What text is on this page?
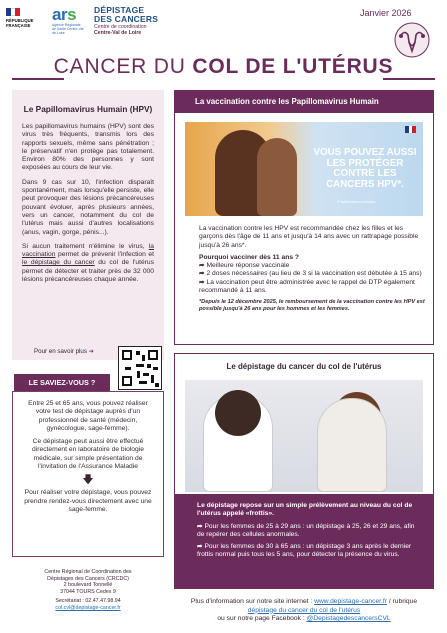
RÉPUBLIQUE
FRANÇAISE
ars
Agence Régionale de Santé Centre-Val de Loire
DÉPISTAGE
DES CANCERS
Centre de coordination
Centre-Val de Loire
Janvier 2026
CANCER DU COL DE L'UTÉRUS
Le Papillomavirus Humain (HPV)

Les papillomavirus humains (HPV) sont des virus très fréquents, transmis lors des rapports sexuels, même sans pénétration ; le préservatif n'en protège pas totalement. Environ 80% des personnes y sont exposées au cours de leur vie.

Dans 9 cas sur 10, l'infection disparaît spontanément, mais lorsqu'elle persiste, elle peut provoquer des lésions précancéreuses pouvant évoluer, après plusieurs années, vers un cancer, notamment du col de l'utérus mais aussi d'autres localisations (anus, vagin, gorge, pénis...).

Si aucun traitement n'élimine le virus, la vaccination permet de prévenir l'infection et le dépistage du cancer du col de l'utérus permet de détecter et traiter près de 32 000 lésions précancéreuses chaque année.

Pour en savoir plus ➔
LE SAVIEZ-VOUS ?

Entre 25 et 65 ans, vous pouvez réaliser votre test de dépistage auprès d'un professionnel de santé (médecin, gynécologue, sage-femme).

Ce dépistage peut aussi être effectué directement en laboratoire de biologie médicale, sur simple présentation de l'invitation de l'Assurance Maladie

🡇

Pour réaliser votre dépistage, vous pouvez prendre rendez-vous directement avec une sage-femme.

Centre Régional de Coordination des
Dépistages des Cancers (CRCDC)
2 boulevard Tonnellé
37044 TOURS Cedex 9
Secrétariat : 02.47.47.98.94
col.cvl@depistage-cancer.fr
La vaccination contre les Papillomavirus Humain
VOUS POUVEZ AUSSI LES PROTÉGER CONTRE LES CANCERS HPV*.
*Papillomavirus humains

La vaccination contre les HPV est recommandée chez les filles et les garçons dès l'âge de 11 ans et jusqu'à 14 ans avec un rattrapage possible jusqu'à 26 ans*.

Pourquoi vacciner dès 11 ans ?
➦ Meilleure réponse vaccinale
➦ 2 doses nécessaires (au lieu de 3 si la vaccination est débutée à 15 ans)
➦ La vaccination peut être administrée avec le rappel de DTP également recommandé à 11 ans.

*Depuis le 12 décembre 2025, le remboursement de la vaccination contre les HPV est possible jusqu'à 26 ans pour les hommes et les femmes.

Le dépistage du cancer du col de l'utérus

Le dépistage repose sur un simple prélèvement au niveau du col de l'utérus appelé «frottis».

➦ Pour les femmes de 25 à 29 ans : un dépistage à 25, 26 et 29 ans, afin de repérer des cellules anormales.

➦ Pour les femmes de 30 à 65 ans : un dépistage 3 ans après le dernier frottis normal puis tous les 5 ans, pour détecter la présence du virus.

Plus d'information sur notre site internet : www.depistage-cancer.fr / rubrique
dépistage du cancer du col de l'utérus
ou sur notre page Facebook : @DepistagedescancersCVL
